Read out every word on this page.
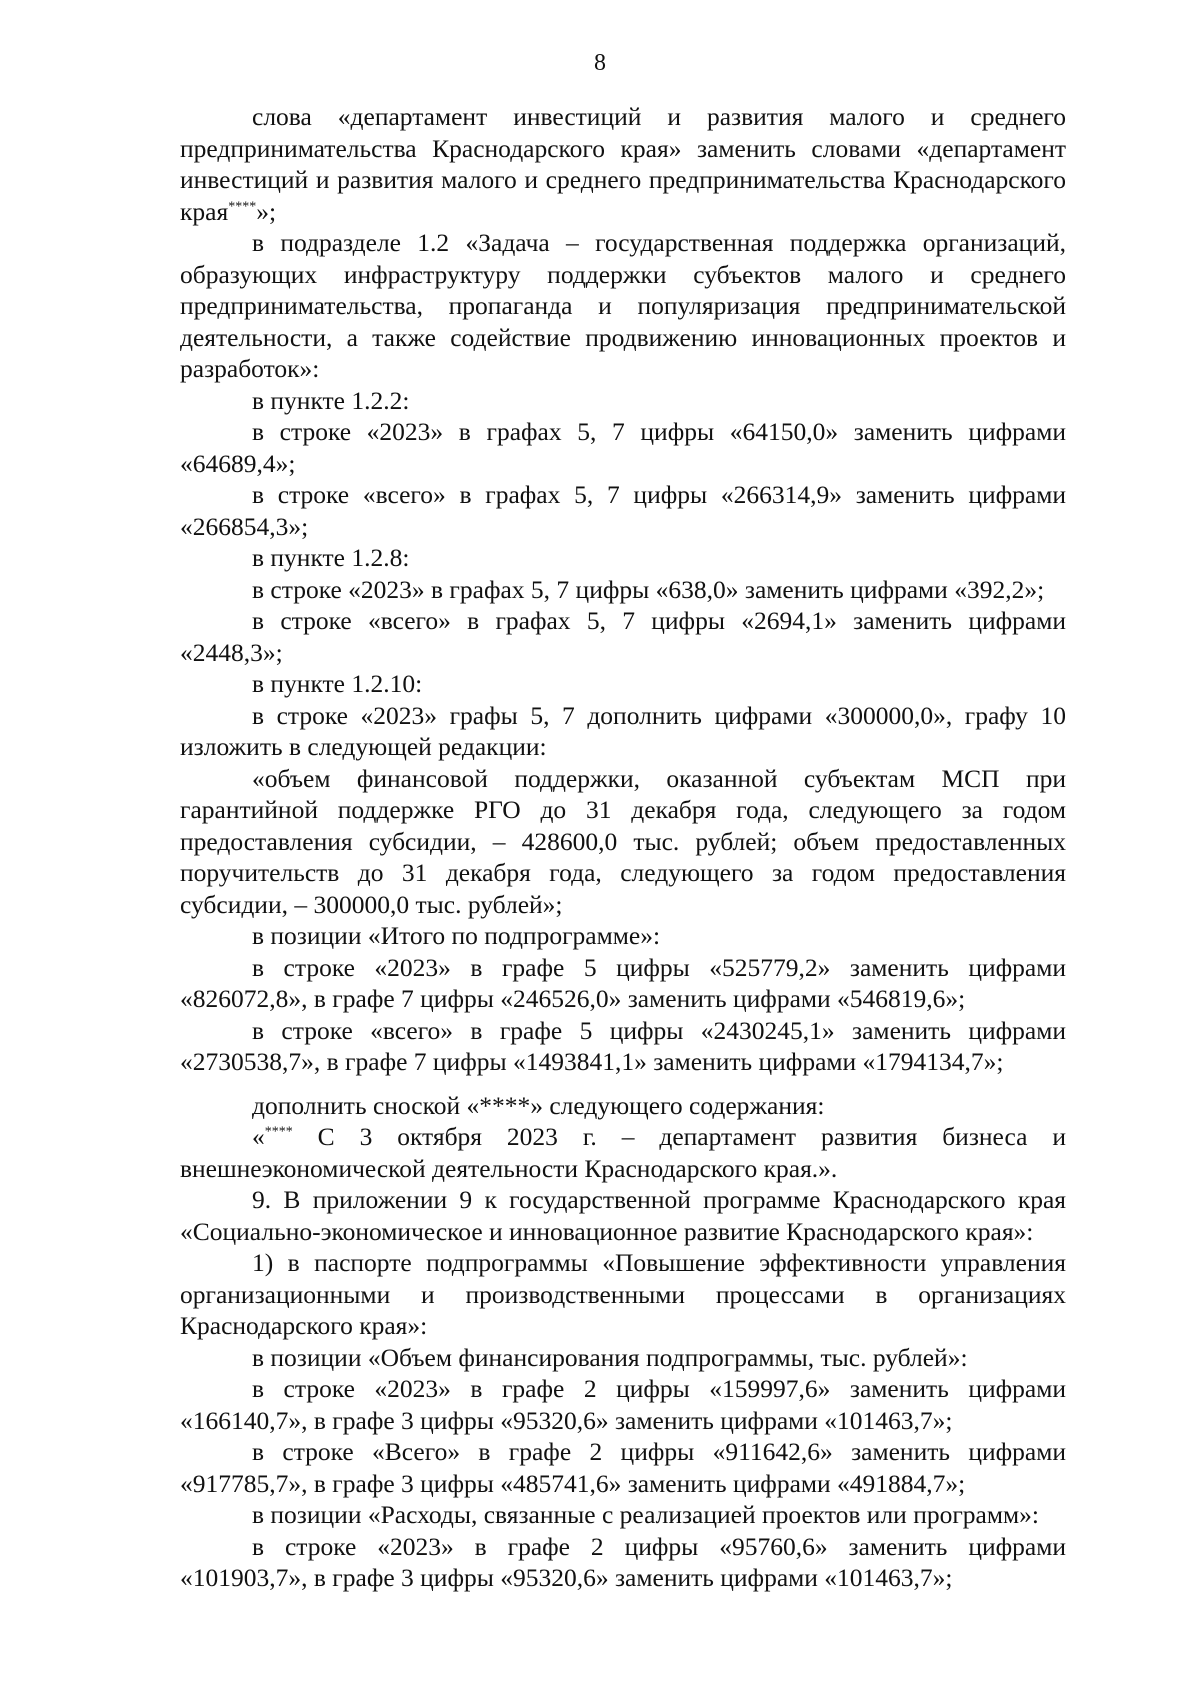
8

слова «департамент инвестиций и развития малого и среднего предпринимательства Краснодарского края» заменить словами «департамент инвестиций и развития малого и среднего предпринимательства Краснодарского края****»;

в подразделе 1.2 «Задача – государственная поддержка организаций, образующих инфраструктуру поддержки субъектов малого и среднего предпринимательства, пропаганда и популяризация предпринимательской деятельности, а также содействие продвижению инновационных проектов и разработок»:

в пункте 1.2.2:

в строке «2023» в графах 5, 7 цифры «64150,0» заменить цифрами «64689,4»;

в строке «всего» в графах 5, 7 цифры «266314,9» заменить цифрами «266854,3»;

в пункте 1.2.8:

в строке «2023» в графах 5, 7 цифры «638,0» заменить цифрами «392,2»;

в строке «всего» в графах 5, 7 цифры «2694,1» заменить цифрами «2448,3»;

в пункте 1.2.10:

в строке «2023» графы 5, 7 дополнить цифрами «300000,0», графу 10 изложить в следующей редакции:

«объем финансовой поддержки, оказанной субъектам МСП при гарантийной поддержке РГО до 31 декабря года, следующего за годом предоставления субсидии, – 428600,0 тыс. рублей; объем предоставленных поручительств до 31 декабря года, следующего за годом предоставления субсидии, – 300000,0 тыс. рублей»;

в позиции «Итого по подпрограмме»:

в строке «2023» в графе 5 цифры «525779,2» заменить цифрами «826072,8», в графе 7 цифры «246526,0» заменить цифрами «546819,6»;

в строке «всего» в графе 5 цифры «2430245,1» заменить цифрами «2730538,7», в графе 7 цифры «1493841,1» заменить цифрами «1794134,7»;

дополнить сноской «****» следующего содержания:

«**** С 3 октября 2023 г. – департамент развития бизнеса и внешнеэкономической деятельности Краснодарского края.».

9. В приложении 9 к государственной программе Краснодарского края «Социально-экономическое и инновационное развитие Краснодарского края»:

1) в паспорте подпрограммы «Повышение эффективности управления организационными и производственными процессами в организациях Краснодарского края»:

в позиции «Объем финансирования подпрограммы, тыс. рублей»:

в строке «2023» в графе 2 цифры «159997,6» заменить цифрами «166140,7», в графе 3 цифры «95320,6» заменить цифрами «101463,7»;

в строке «Всего» в графе 2 цифры «911642,6» заменить цифрами «917785,7», в графе 3 цифры «485741,6» заменить цифрами «491884,7»;

в позиции «Расходы, связанные с реализацией проектов или программ»:

в строке «2023» в графе 2 цифры «95760,6» заменить цифрами «101903,7», в графе 3 цифры «95320,6» заменить цифрами «101463,7»;
